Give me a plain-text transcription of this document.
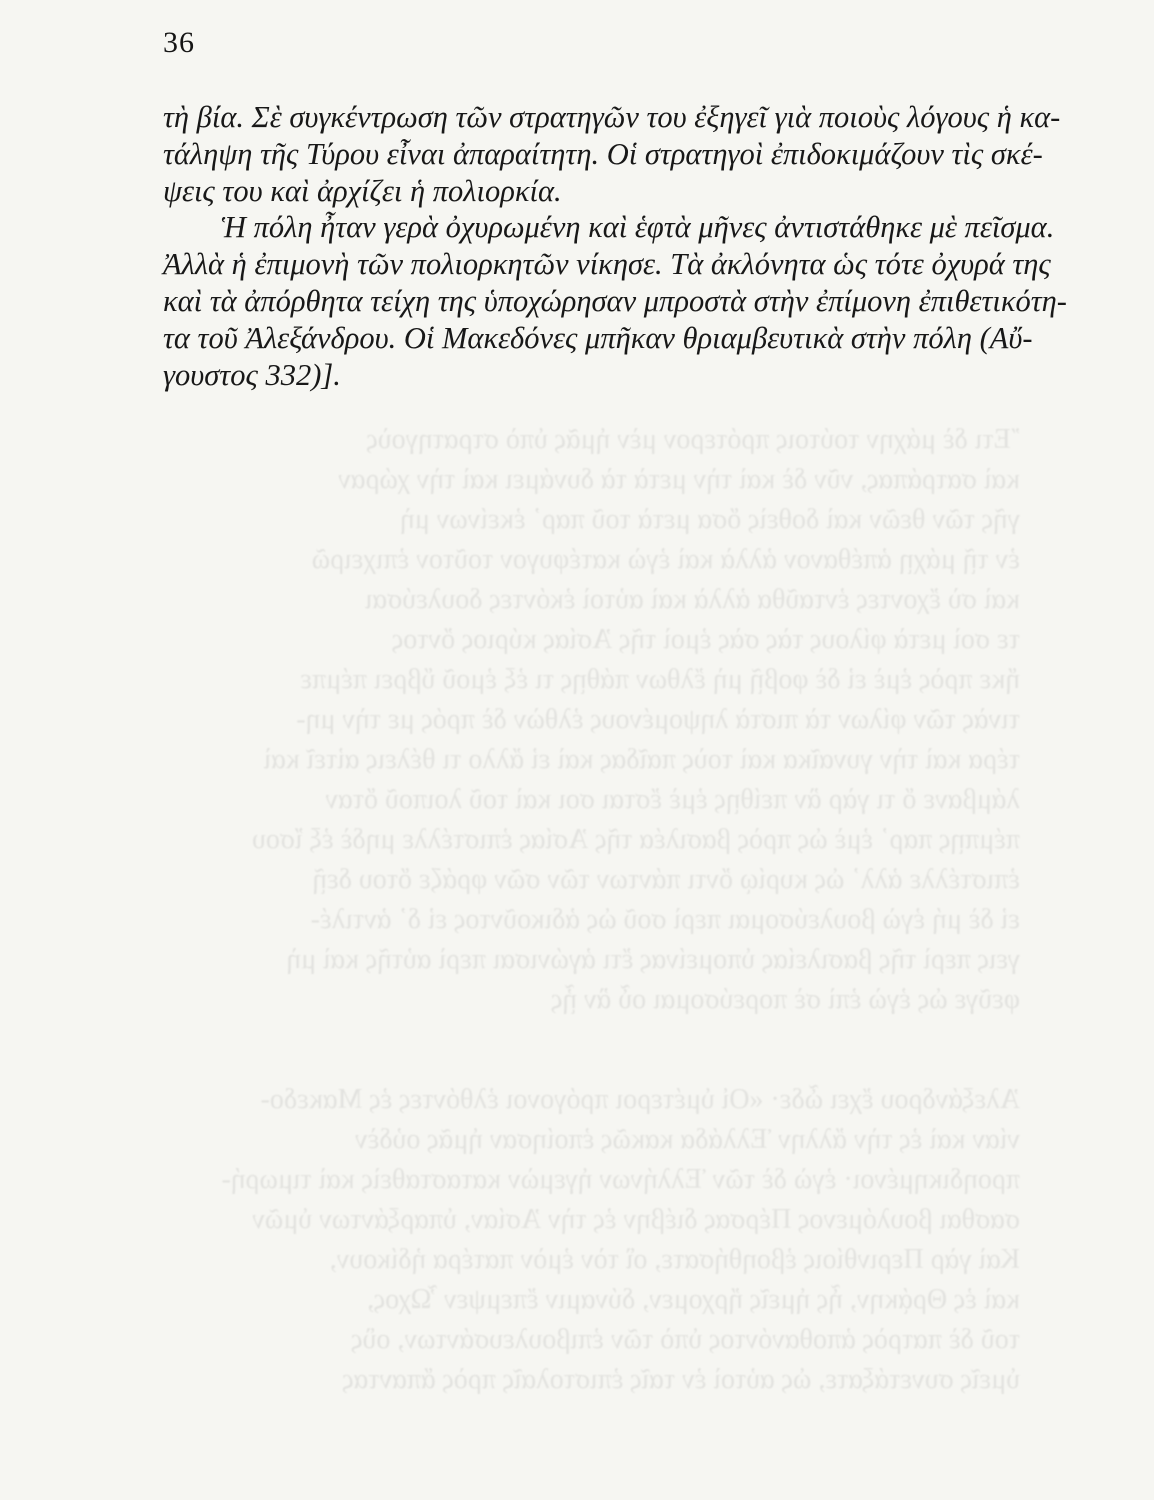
῎Ετι δὲ μάχην τούτοις πρότερον μὲν ἡμᾶς ὑπὸ στρατηγοὺς
καὶ σατράπας, νῦν δὲ καὶ τὴν μετὰ τὰ δυνάμει καὶ τὴν χώραν
γῆς τῶν θεῶν καὶ δοθεὶς ὅσα μετὰ τοῦ παρ᾽ ἐκείνων μὴ
ἐν τῇ μάχῃ ἀπέθανον ἀλλὰ καὶ ἐγὼ κατέφυγον τοῦτον ἐπιχειρῶ
καὶ σὺ ἔχοντες ἐνταῦθα ἀλλὰ καὶ αὐτοὶ ἐκόντες δουλεύσαι
τε σοὶ μετὰ φίλους τὰς σὰς ἐμοὶ τῆς Ἀσίας κύριος ὄντος
ἥκε πρὸς ἐμὲ εἰ δὲ φοβῇ μὴ ἔλθων πάθῃς τι ἐξ ἐμοῦ ὕβρει πέμπε
τινὰς τῶν φίλων τὰ πιστὰ ληψομένους ἐλθὼν δὲ πρός με τὴν μη-
τέρα καὶ τὴν γυναῖκα καὶ τοὺς παῖδας καὶ εἰ ἄλλο τι θέλεις αἰτεῖ καὶ
λάμβανε ὅ τι γὰρ ἂν πείθῃς ἐμὲ ἔσται σοι καὶ τοῦ λοιποῦ ὅταν
πέμπῃς παρ᾽ ἐμὲ ὡς πρὸς βασιλέα τῆς Ἀσίας ἐπιστέλλε μηδὲ ἐξ ἴσου
ἐπιστέλλε ἀλλ᾽ ὡς κυρίῳ ὄντι πάντων τῶν σῶν φράζε ὅτου δεῇ
εἰ δὲ μή ἐγὼ βουλεύσομαι περὶ σοῦ ὡς ἀδικοῦντος εἰ δ᾽ ἀντιλέ-
γεις περὶ τῆς βασιλείας ὑπομείνας ἔτι ἀγώνισαι περὶ αὐτῆς καὶ μὴ
φεῦγε ὡς ἐγὼ ἐπὶ σὲ πορεύσομαι οὗ ἂν ᾖς
Ἀλεξάνδρου ἔχει ὧδε· «Οἱ ὑμέτεροι πρόγονοι ἐλθόντες ἐς Μακεδο-
νίαν καὶ ἐς τὴν ἄλλην Ἑλλάδα κακῶς ἐποίησαν ἡμᾶς οὐδὲν
προηδικημένοι· ἐγὼ δὲ τῶν Ἑλλήνων ἡγεμὼν κατασταθεὶς καὶ τιμωρή-
σασθαι βουλόμενος Πέρσας διέβην ἐς τὴν Ἀσίαν, ὑπαρξάντων ὑμῶν
Καὶ γὰρ Περινθίοις ἐβοηθήσατε, οἳ τὸν ἐμὸν πατέρα ἠδίκουν,
καὶ ἐς Θρᾴκην, ἧς ἡμεῖς ἤρχομεν, δύναμιν ἔπεμψεν Ὦχος,
τοῦ δὲ πατρὸς ἀποθανόντος ὑπὸ τῶν ἐπιβουλευσάντων, οὓς
ὑμεῖς συνετάξατε, ὡς αὐτοὶ ἐν ταῖς ἐπιστολαῖς πρὸς ἅπαντας
36
τὴ βία. Σὲ συγκέντρωση τῶν στρατηγῶν του ἐξηγεῖ γιὰ ποιοὺς λόγους ἡ κα-
τάληψη τῆς Τύρου εἶναι ἀπαραίτητη. Οἱ στρατηγοὶ ἐπιδοκιμάζουν τὶς σκέ-
ψεις του καὶ ἀρχίζει ἡ πολιορκία.
Ἡ πόλη ἦταν γερὰ ὀχυρωμένη καὶ ἑφτὰ μῆνες ἀντιστάθηκε μὲ πεῖσμα.
Ἀλλὰ ἡ ἐπιμονὴ τῶν πολιορκητῶν νίκησε. Τὰ ἀκλόνητα ὡς τότε ὀχυρά της
καὶ τὰ ἀπόρθητα τείχη της ὑποχώρησαν μπροστὰ στὴν ἐπίμονη ἐπιθετικότη-
τα τοῦ Ἀλεξάνδρου. Οἱ Μακεδόνες μπῆκαν θριαμβευτικὰ στὴν πόλη (Αὔ-
γουστος 332)].
